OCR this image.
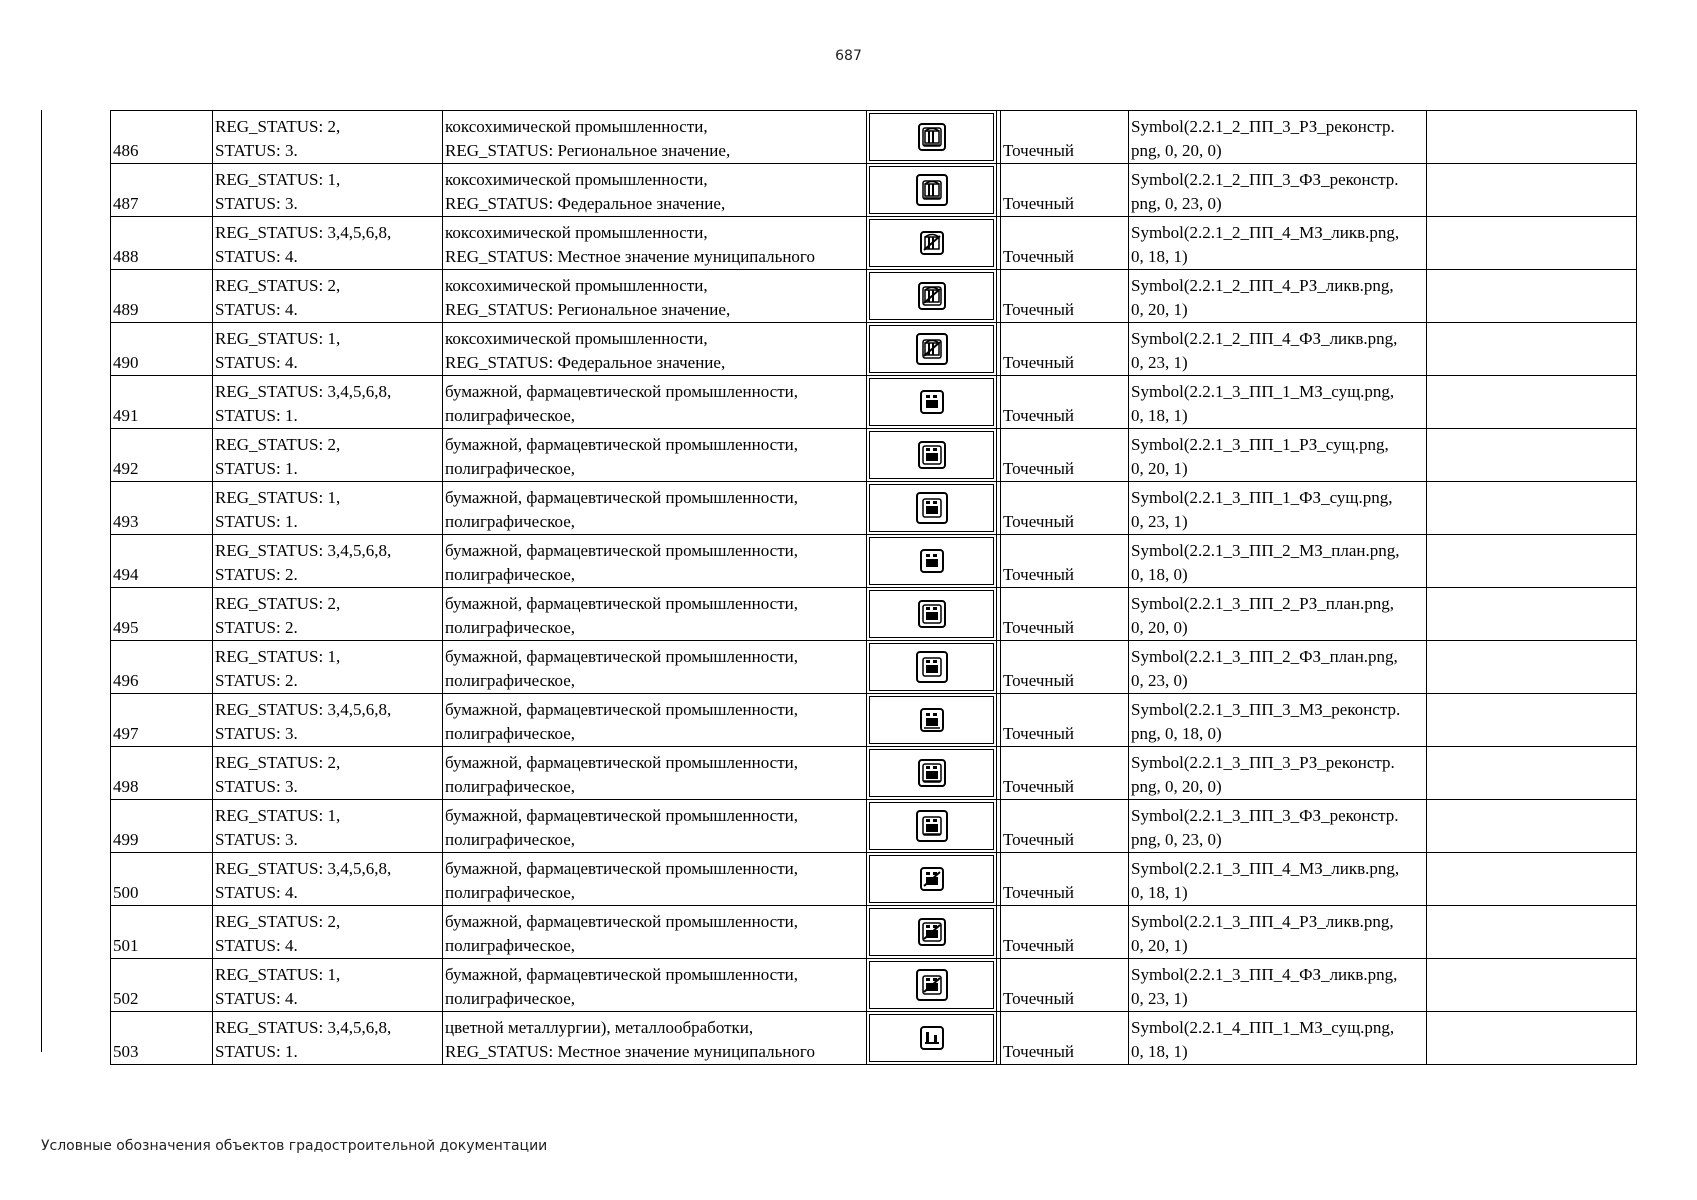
687
486	REG_STATUS: 2,
STATUS: 3.	коксохимической промышленности,
REG_STATUS: Региональное значение,			Точечный	Symbol(2.2.1_2_ПП_3_РЗ_реконстр.
png, 0, 20, 0)	

487	REG_STATUS: 1,
STATUS: 3.	коксохимической промышленности,
REG_STATUS: Федеральное значение,			Точечный	Symbol(2.2.1_2_ПП_3_ФЗ_реконстр.
png, 0, 23, 0)	

488	REG_STATUS: 3,4,5,6,8,
STATUS: 4.	коксохимической промышленности,
REG_STATUS: Местное значение муниципального			Точечный	Symbol(2.2.1_2_ПП_4_МЗ_ликв.png,
0, 18, 1)	

489	REG_STATUS: 2,
STATUS: 4.	коксохимической промышленности,
REG_STATUS: Региональное значение,			Точечный	Symbol(2.2.1_2_ПП_4_РЗ_ликв.png,
0, 20, 1)	

490	REG_STATUS: 1,
STATUS: 4.	коксохимической промышленности,
REG_STATUS: Федеральное значение,			Точечный	Symbol(2.2.1_2_ПП_4_ФЗ_ликв.png,
0, 23, 1)	

491	REG_STATUS: 3,4,5,6,8,
STATUS: 1.	бумажной, фармацевтической промышленности,
полиграфическое,			Точечный	Symbol(2.2.1_3_ПП_1_МЗ_сущ.png,
0, 18, 1)	

492	REG_STATUS: 2,
STATUS: 1.	бумажной, фармацевтической промышленности,
полиграфическое,			Точечный	Symbol(2.2.1_3_ПП_1_РЗ_сущ.png,
0, 20, 1)	

493	REG_STATUS: 1,
STATUS: 1.	бумажной, фармацевтической промышленности,
полиграфическое,			Точечный	Symbol(2.2.1_3_ПП_1_ФЗ_сущ.png,
0, 23, 1)	

494	REG_STATUS: 3,4,5,6,8,
STATUS: 2.	бумажной, фармацевтической промышленности,
полиграфическое,			Точечный	Symbol(2.2.1_3_ПП_2_МЗ_план.png,
0, 18, 0)	

495	REG_STATUS: 2,
STATUS: 2.	бумажной, фармацевтической промышленности,
полиграфическое,			Точечный	Symbol(2.2.1_3_ПП_2_РЗ_план.png,
0, 20, 0)	

496	REG_STATUS: 1,
STATUS: 2.	бумажной, фармацевтической промышленности,
полиграфическое,			Точечный	Symbol(2.2.1_3_ПП_2_ФЗ_план.png,
0, 23, 0)	

497	REG_STATUS: 3,4,5,6,8,
STATUS: 3.	бумажной, фармацевтической промышленности,
полиграфическое,			Точечный	Symbol(2.2.1_3_ПП_3_МЗ_реконстр.
png, 0, 18, 0)	

498	REG_STATUS: 2,
STATUS: 3.	бумажной, фармацевтической промышленности,
полиграфическое,			Точечный	Symbol(2.2.1_3_ПП_3_РЗ_реконстр.
png, 0, 20, 0)	

499	REG_STATUS: 1,
STATUS: 3.	бумажной, фармацевтической промышленности,
полиграфическое,			Точечный	Symbol(2.2.1_3_ПП_3_ФЗ_реконстр.
png, 0, 23, 0)	

500	REG_STATUS: 3,4,5,6,8,
STATUS: 4.	бумажной, фармацевтической промышленности,
полиграфическое,			Точечный	Symbol(2.2.1_3_ПП_4_МЗ_ликв.png,
0, 18, 1)	

501	REG_STATUS: 2,
STATUS: 4.	бумажной, фармацевтической промышленности,
полиграфическое,			Точечный	Symbol(2.2.1_3_ПП_4_РЗ_ликв.png,
0, 20, 1)	

502	REG_STATUS: 1,
STATUS: 4.	бумажной, фармацевтической промышленности,
полиграфическое,			Точечный	Symbol(2.2.1_3_ПП_4_ФЗ_ликв.png,
0, 23, 1)	

503	REG_STATUS: 3,4,5,6,8,
STATUS: 1.	цветной металлургии), металлообработки,
REG_STATUS: Местное значение муниципального			Точечный	Symbol(2.2.1_4_ПП_1_МЗ_сущ.png,
0, 18, 1)	

Условные обозначения объектов градостроительной документации
